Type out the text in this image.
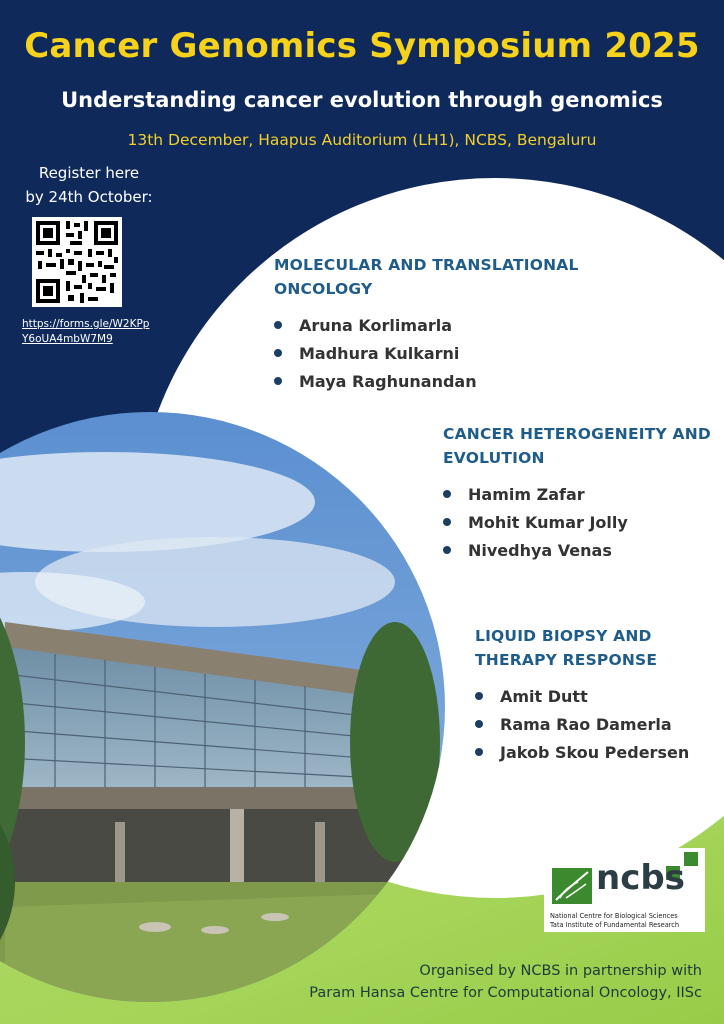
Cancer Genomics Symposium 2025
Understanding cancer evolution through genomics

13th December, Haapus Auditorium (LH1), NCBS, Bengaluru

Register here
by 24th October:

https://forms.gle/W2KPpY6oUA4mbW7M9

MOLECULAR AND TRANSLATIONAL ONCOLOGY

Aruna Korlimarla
Madhura Kulkarni
Maya Raghunandan

CANCER HETEROGENEITY AND EVOLUTION

Hamim Zafar
Mohit Kumar Jolly
Nivedhya Venas

LIQUID BIOPSY AND THERAPY RESPONSE

Amit Dutt
Rama Rao Damerla
Jakob Skou Pedersen
ncbs
National Centre for Biological Sciences
Tata Institute of Fundamental Research

Organised by NCBS in partnership with
Param Hansa Centre for Computational Oncology, IISc
